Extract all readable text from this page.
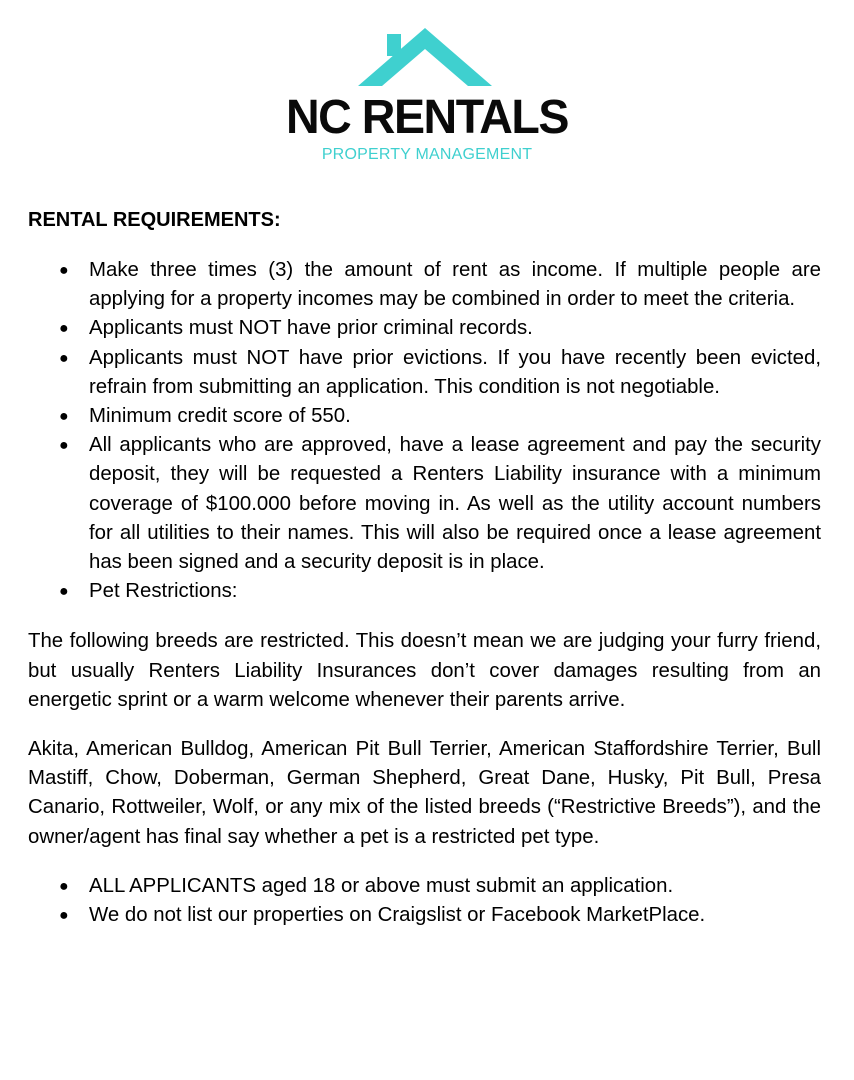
NC RENTALS
PROPERTY MANAGEMENT
RENTAL REQUIREMENTS:
● Make three times (3) the amount of rent as income. If multiple people are applying for a property incomes may be combined in order to meet the criteria.
● Applicants must NOT have prior criminal records.
● Applicants must NOT have prior evictions. If you have recently been evicted, refrain from submitting an application. This condition is not negotiable.
● Minimum credit score of 550.
● All applicants who are approved, have a lease agreement and pay the security deposit, they will be requested a Renters Liability insurance with a minimum coverage of $100.000 before moving in. As well as the utility account numbers for all utilities to their names. This will also be required once a lease agreement has been signed and a security deposit is in place.
● Pet Restrictions:

The following breeds are restricted. This doesn’t mean we are judging your furry friend, but usually Renters Liability Insurances don’t cover damages resulting from an energetic sprint or a warm welcome whenever their parents arrive.

Akita, American Bulldog, American Pit Bull Terrier, American Staffordshire Terrier, Bull Mastiff, Chow, Doberman, German Shepherd, Great Dane, Husky, Pit Bull, Presa Canario, Rottweiler, Wolf, or any mix of the listed breeds (“Restrictive Breeds”), and the owner/agent has final say whether a pet is a restricted pet type.

● ALL APPLICANTS aged 18 or above must submit an application.
● We do not list our properties on Craigslist or Facebook MarketPlace.
